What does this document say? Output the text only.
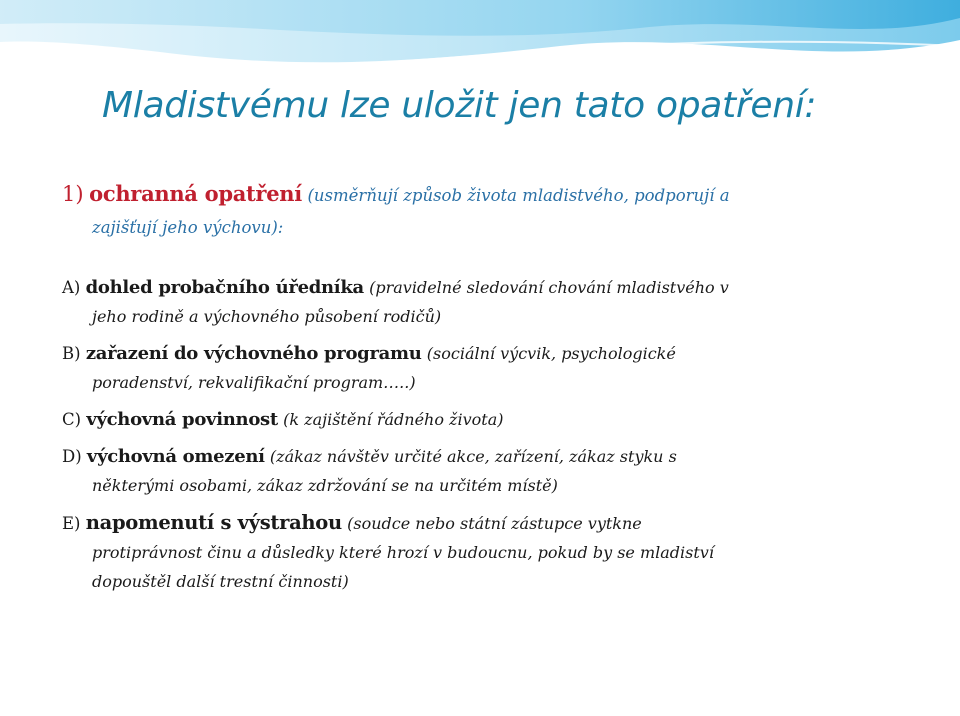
Mladistvému lze uložit jen tato opatření:

1) ochranná opatření (usměrňují způsob života mladistvého, podporují a
zajišťují jeho výchovu):

A) dohled probačního úředníka (pravidelné sledování chování mladistvého v
jeho rodině a výchovného působení rodičů)

B) zařazení do výchovného programu (sociální výcvik, psychologické
poradenství, rekvalifikační program…..)

C) výchovná povinnost (k zajištění řádného života)

D) výchovná omezení (zákaz návštěv určité akce, zařízení, zákaz styku s
některými osobami, zákaz zdržování se na určitém místě)

E) napomenutí s výstrahou (soudce nebo státní zástupce vytkne
protiprávnost činu a důsledky které hrozí v budoucnu, pokud by se mladiství
dopouštěl další trestní činnosti)
